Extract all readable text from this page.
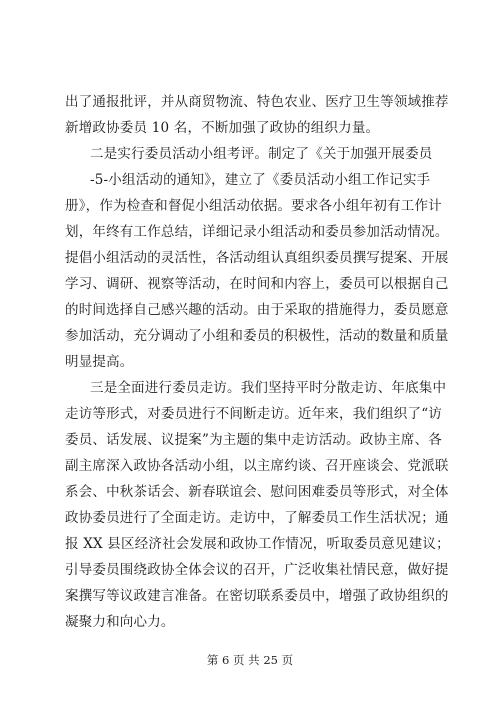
出了通报批评，并从商贸物流、特色农业、医疗卫生等领域推荐
新增政协委员 10 名，不断加强了政协的组织力量。
二是实行委员活动小组考评。制定了《关于加强开展委员
-5-小组活动的通知》，建立了《委员活动小组工作记实手
册》，作为检查和督促小组活动依据。要求各小组年初有工作计
划，年终有工作总结，详细记录小组活动和委员参加活动情况。
提倡小组活动的灵活性，各活动组认真组织委员撰写提案、开展
学习、调研、视察等活动，在时间和内容上，委员可以根据自己
的时间选择自己感兴趣的活动。由于采取的措施得力，委员愿意
参加活动，充分调动了小组和委员的积极性，活动的数量和质量
明显提高。
三是全面进行委员走访。我们坚持平时分散走访、年底集中
走访等形式，对委员进行不间断走访。近年来，我们组织了“访
委员、话发展、议提案”为主题的集中走访活动。政协主席、各
副主席深入政协各活动小组，以主席约谈、召开座谈会、党派联
系会、中秋茶话会、新春联谊会、慰问困难委员等形式，对全体
政协委员进行了全面走访。走访中，了解委员工作生活状况；通
报 XX 县区经济社会发展和政协工作情况，听取委员意见建议；
引导委员围绕政协全体会议的召开，广泛收集社情民意，做好提
案撰写等议政建言准备。在密切联系委员中，增强了政协组织的
凝聚力和向心力。
第 6 页 共 25 页
